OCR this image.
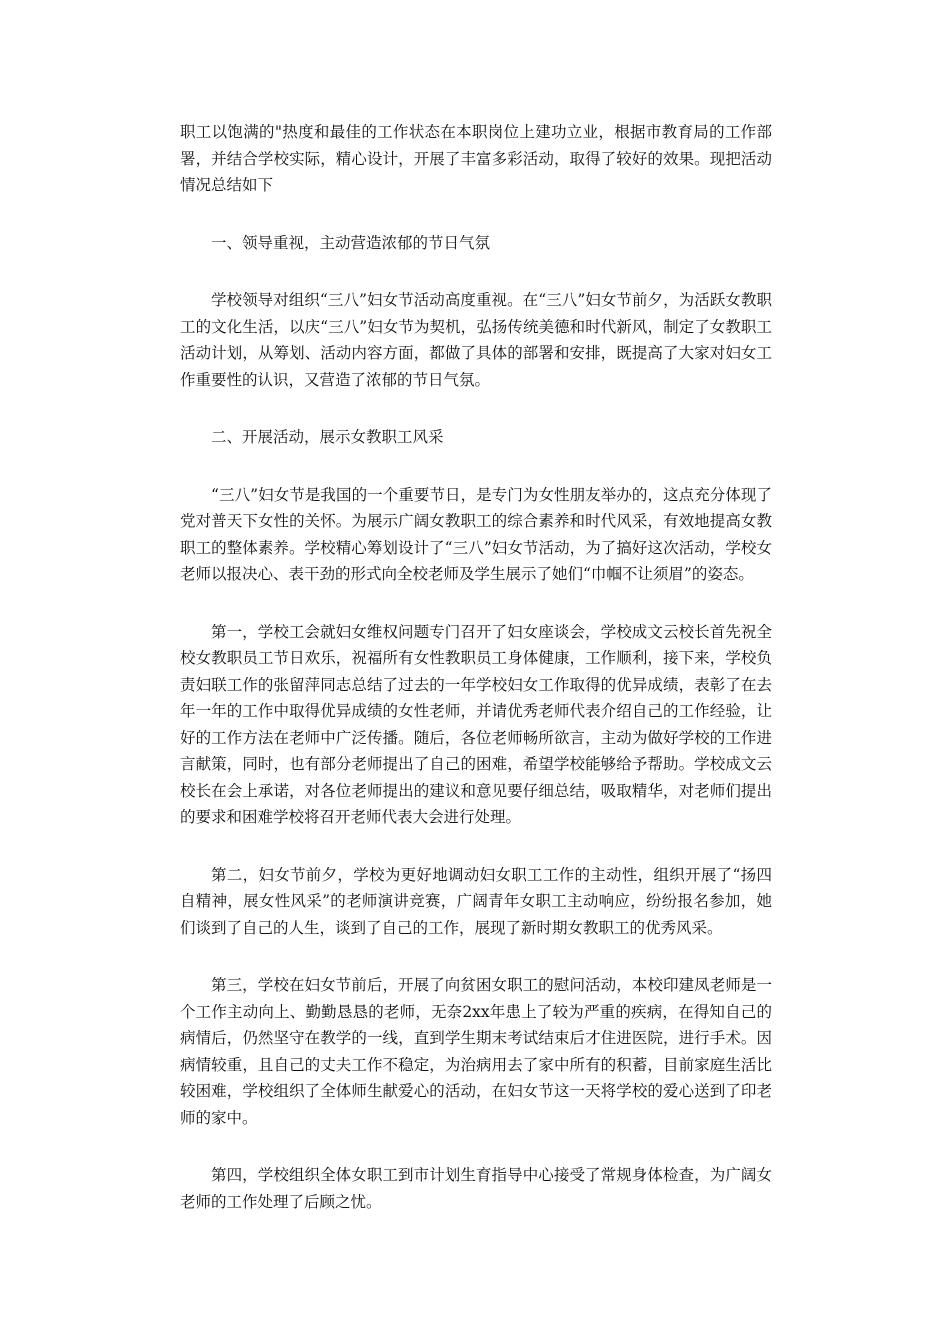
职工以饱满的"热度和最佳的工作状态在本职岗位上建功立业，根据市教育局的工作部署，并结合学校实际，精心设计，开展了丰富多彩活动，取得了较好的效果。现把活动情况总结如下

一、领导重视，主动营造浓郁的节日气氛

学校领导对组织“三八”妇女节活动高度重视。在“三八”妇女节前夕，为活跃女教职工的文化生活，以庆“三八”妇女节为契机，弘扬传统美德和时代新风，制定了女教职工活动计划，从筹划、活动内容方面，都做了具体的部署和安排，既提高了大家对妇女工作重要性的认识，又营造了浓郁的节日气氛。

二、开展活动，展示女教职工风采

“三八”妇女节是我国的一个重要节日，是专门为女性朋友举办的，这点充分体现了党对普天下女性的关怀。为展示广阔女教职工的综合素养和时代风采，有效地提高女教职工的整体素养。学校精心筹划设计了“三八”妇女节活动，为了搞好这次活动，学校女老师以报决心、表干劲的形式向全校老师及学生展示了她们“巾帼不让须眉”的姿态。

第一，学校工会就妇女维权问题专门召开了妇女座谈会，学校成文云校长首先祝全校女教职员工节日欢乐，祝福所有女性教职员工身体健康，工作顺利，接下来，学校负责妇联工作的张留萍同志总结了过去的一年学校妇女工作取得的优异成绩，表彰了在去年一年的工作中取得优异成绩的女性老师，并请优秀老师代表介绍自己的工作经验，让好的工作方法在老师中广泛传播。随后，各位老师畅所欲言，主动为做好学校的工作进言献策，同时，也有部分老师提出了自己的困难，希望学校能够给予帮助。学校成文云校长在会上承诺，对各位老师提出的建议和意见要仔细总结，吸取精华，对老师们提出的要求和困难学校将召开老师代表大会进行处理。

第二，妇女节前夕，学校为更好地调动妇女职工工作的主动性，组织开展了“扬四自精神，展女性风采”的老师演讲竞赛，广阔青年女职工主动响应，纷纷报名参加，她们谈到了自己的人生，谈到了自己的工作，展现了新时期女教职工的优秀风采。

第三，学校在妇女节前后，开展了向贫困女职工的慰问活动，本校印建凤老师是一个工作主动向上、勤勤恳恳的老师，无奈2xx年患上了较为严重的疾病，在得知自己的病情后，仍然坚守在教学的一线，直到学生期末考试结束后才住进医院，进行手术。因病情较重，且自己的丈夫工作不稳定，为治病用去了家中所有的积蓄，目前家庭生活比较困难，学校组织了全体师生献爱心的活动，在妇女节这一天将学校的爱心送到了印老师的家中。

第四，学校组织全体女职工到市计划生育指导中心接受了常规身体检查，为广阔女老师的工作处理了后顾之忧。
